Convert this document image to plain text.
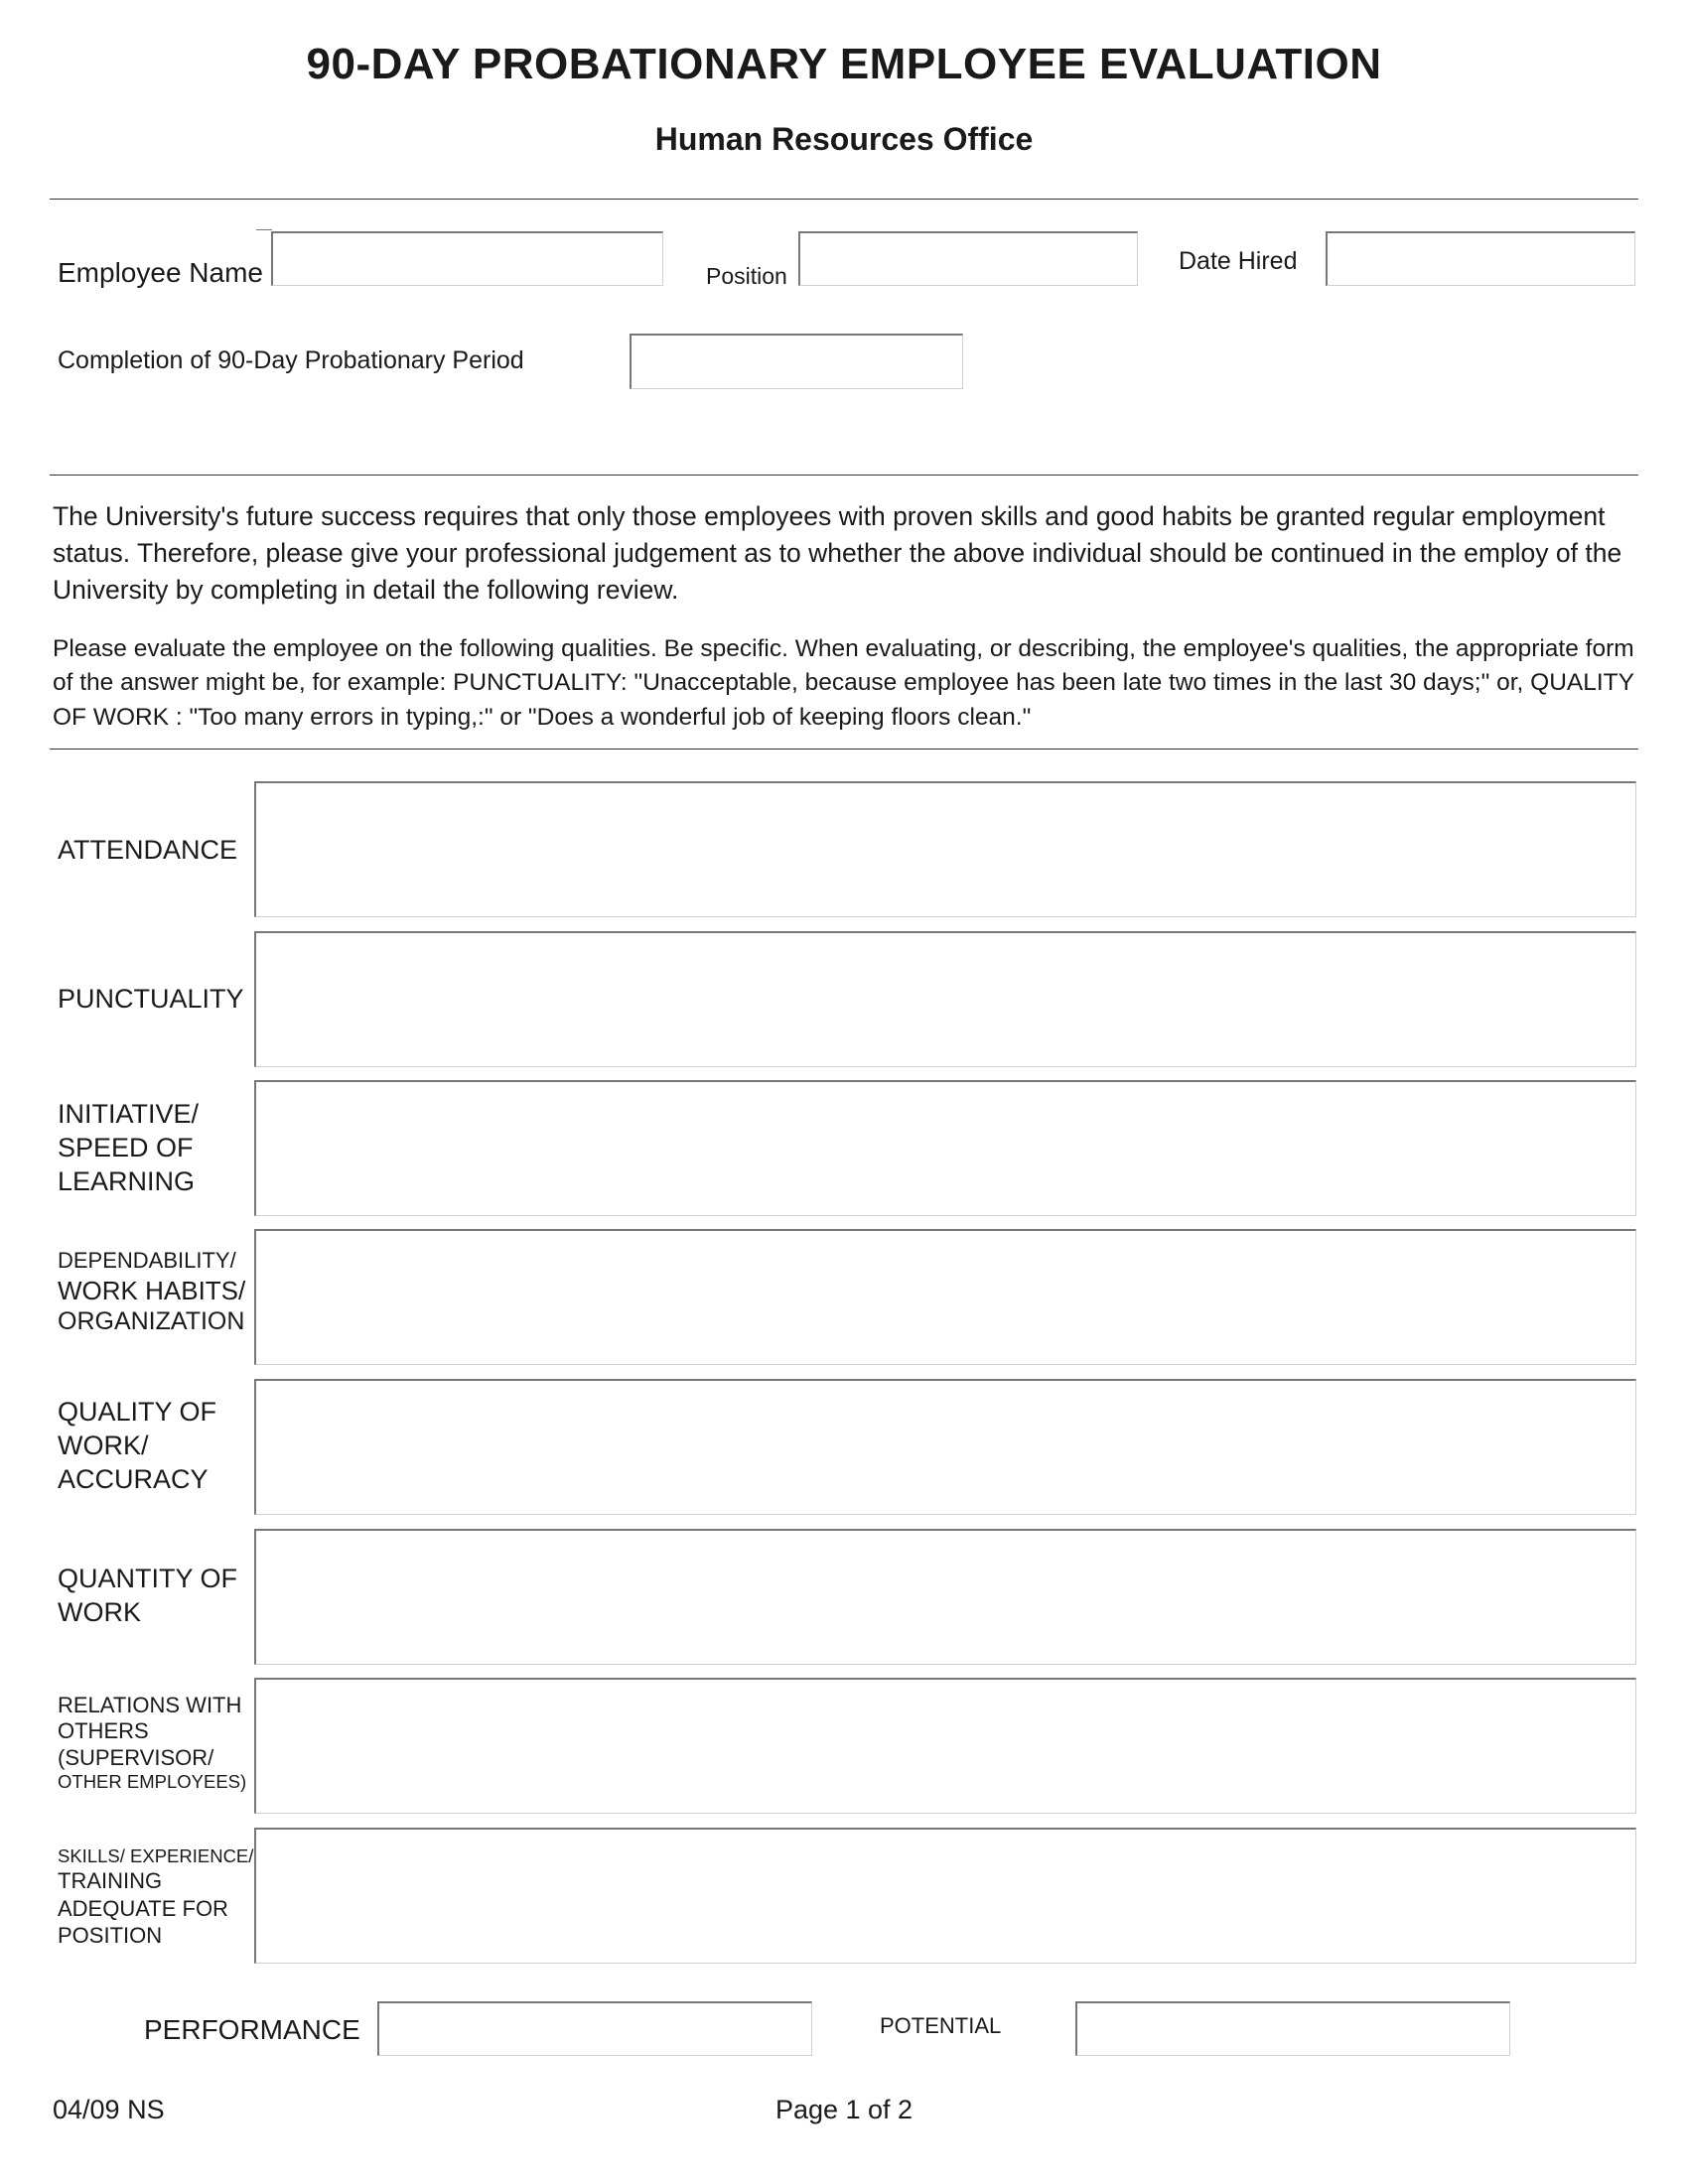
90-DAY PROBATIONARY EMPLOYEE EVALUATION
Human Resources Office
Employee Name	Position
Date Hired
Completion of 90-Day Probationary Period
The University's future success requires that only those employees with proven skills and good habits be granted regular employment status. Therefore, please give your professional judgement as to whether the above individual should be continued in the employ of the University by completing in detail the following review.
Please evaluate the employee on the following qualities. Be specific. When evaluating, or describing, the employee's qualities, the appropriate form of the answer might be, for example: PUNCTUALITY: "Unacceptable, because employee has been late two times in the last 30 days;" or, QUALITY OF WORK : "Too many errors in typing,:" or "Does a wonderful job of keeping floors clean."
ATTENDANCE
PUNCTUALITY
INITIATIVE/
SPEED OF
LEARNING
DEPENDABILITY/
WORK HABITS/
ORGANIZATION
QUALITY OF
WORK/
ACCURACY
QUANTITY OF
WORK
RELATIONS WITH
OTHERS
(SUPERVISOR/
OTHER EMPLOYEES)
SKILLS/ EXPERIENCE/
TRAINING
ADEQUATE FOR
POSITION
PERFORMANCE	POTENTIAL
04/09 NS	Page 1 of 2
